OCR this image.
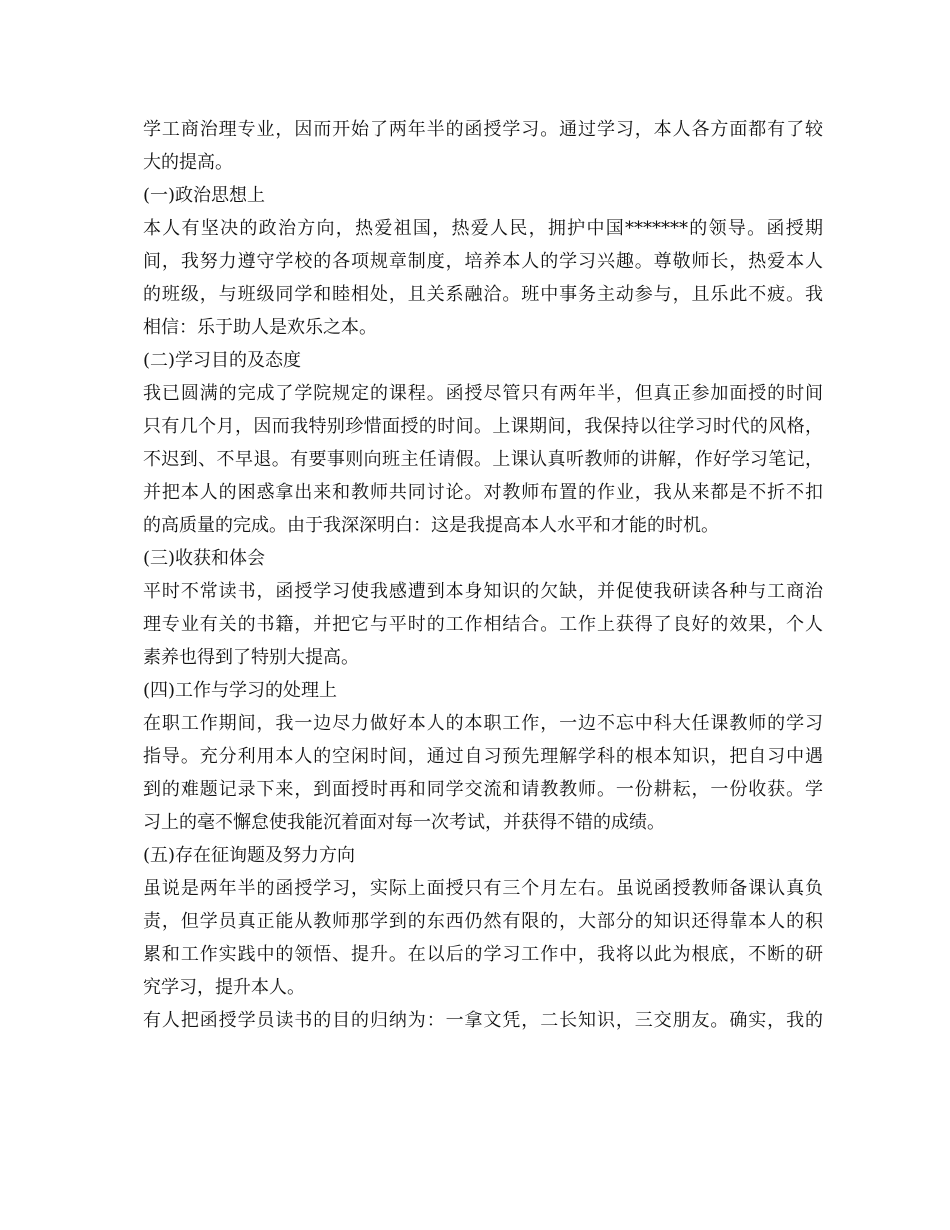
学工商治理专业，因而开始了两年半的函授学习。通过学习，本人各方面都有了较
大的提高。
(一)政治思想上
本人有坚决的政治方向，热爱祖国，热爱人民，拥护中国*******的领导。函授期
间，我努力遵守学校的各项规章制度，培养本人的学习兴趣。尊敬师长，热爱本人
的班级，与班级同学和睦相处，且关系融洽。班中事务主动参与，且乐此不疲。我
相信：乐于助人是欢乐之本。
(二)学习目的及态度
我已圆满的完成了学院规定的课程。函授尽管只有两年半，但真正参加面授的时间
只有几个月，因而我特别珍惜面授的时间。上课期间，我保持以往学习时代的风格，
不迟到、不早退。有要事则向班主任请假。上课认真听教师的讲解，作好学习笔记，
并把本人的困惑拿出来和教师共同讨论。对教师布置的作业，我从来都是不折不扣
的高质量的完成。由于我深深明白：这是我提高本人水平和才能的时机。
(三)收获和体会
平时不常读书，函授学习使我感遭到本身知识的欠缺，并促使我研读各种与工商治
理专业有关的书籍，并把它与平时的工作相结合。工作上获得了良好的效果，个人
素养也得到了特别大提高。
(四)工作与学习的处理上
在职工作期间，我一边尽力做好本人的本职工作，一边不忘中科大任课教师的学习
指导。充分利用本人的空闲时间，通过自习预先理解学科的根本知识，把自习中遇
到的难题记录下来，到面授时再和同学交流和请教教师。一份耕耘，一份收获。学
习上的毫不懈怠使我能沉着面对每一次考试，并获得不错的成绩。
(五)存在征询题及努力方向
虽说是两年半的函授学习，实际上面授只有三个月左右。虽说函授教师备课认真负
责，但学员真正能从教师那学到的东西仍然有限的，大部分的知识还得靠本人的积
累和工作实践中的领悟、提升。在以后的学习工作中，我将以此为根底，不断的研
究学习，提升本人。
有人把函授学员读书的目的归纳为：一拿文凭，二长知识，三交朋友。确实，我的
